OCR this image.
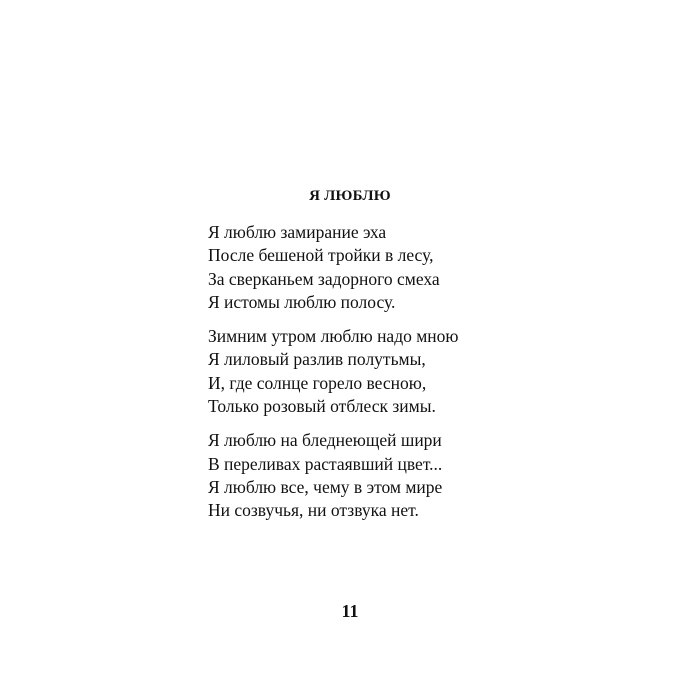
Я ЛЮБЛЮ
Я люблю замирание эха
После бешеной тройки в лесу,
За сверканьем задорного смеха
Я истомы люблю полосу.
Зимним утром люблю надо мною
Я лиловый разлив полутьмы,
И, где солнце горело весною,
Только розовый отблеск зимы.
Я люблю на бледнеющей шири
В переливах растаявший цвет...
Я люблю все, чему в этом мире
Ни созвучья, ни отзвука нет.
11
